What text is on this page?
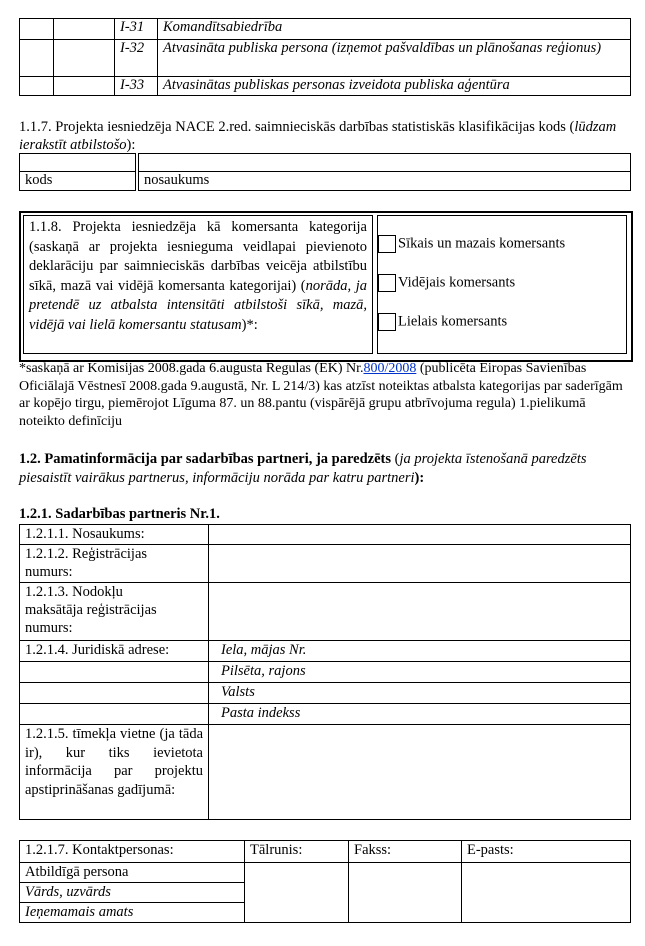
		I-31	Komandītsabiedrība
		I-32	Atvasināta publiska persona (izņemot pašvaldības un plānošanas reģionus)
		I-33	Atvasinātas publiskas personas izveidota publiska aģentūra
1.1.7. Projekta iesniedzēja NACE 2.red. saimnieciskās darbības statistiskās klasifikācijas kods (lūdzam ierakstīt atbilstošo):

kods		nosaukums
1.1.8. Projekta iesniedzēja kā komersanta kategorija (saskaņā ar projekta iesnieguma veidlapai pievienoto deklarāciju par saimnieciskās darbības veicēja atbilstību sīkā, mazā vai vidējā komersanta kategorijai) (norāda, ja pretendē uz atbalsta intensitāti atbilstoši sīkā, mazā, vidējā vai lielā komersantu statusam)*:
Sīkais un mazais komersants
Vidējais komersants
Lielais komersants
*saskaņā ar Komisijas 2008.gada 6.augusta Regulas (EK) Nr.800/2008 (publicēta Eiropas Savienības Oficiālajā Vēstnesī 2008.gada 9.augustā, Nr. L 214/3) kas atzīst noteiktas atbalsta kategorijas par saderīgām ar kopējo tirgu, piemērojot Līguma 87. un 88.pantu (vispārējā grupu atbrīvojuma regula) 1.pielikumā noteikto definīciju
1.2. Pamatinformācija par sadarbības partneri, ja paredzēts (ja projekta īstenošanā paredzēts piesaistīt vairākus partnerus, informāciju norāda par katru partneri):
1.2.1. Sadarbības partneris Nr.1.
1.2.1.1. Nosaukums:	
1.2.1.2. Reģistrācijas
numurs:	
1.2.1.3. Nodokļu
maksātāja reģistrācijas
numurs:	
1.2.1.4. Juridiskā adrese:	Iela, mājas Nr.
	Pilsēta, rajons
	Valsts
	Pasta indekss
1.2.1.5. tīmekļa vietne (ja tāda ir), kur tiks ievietota informācija par projektu apstiprināšanas gadījumā:	
1.2.1.7. Kontaktpersonas:	Tālrunis:	Fakss:	E-pasts:
Atbildīgā persona			
Vārds, uzvārds			
Ieņemamais amats			
